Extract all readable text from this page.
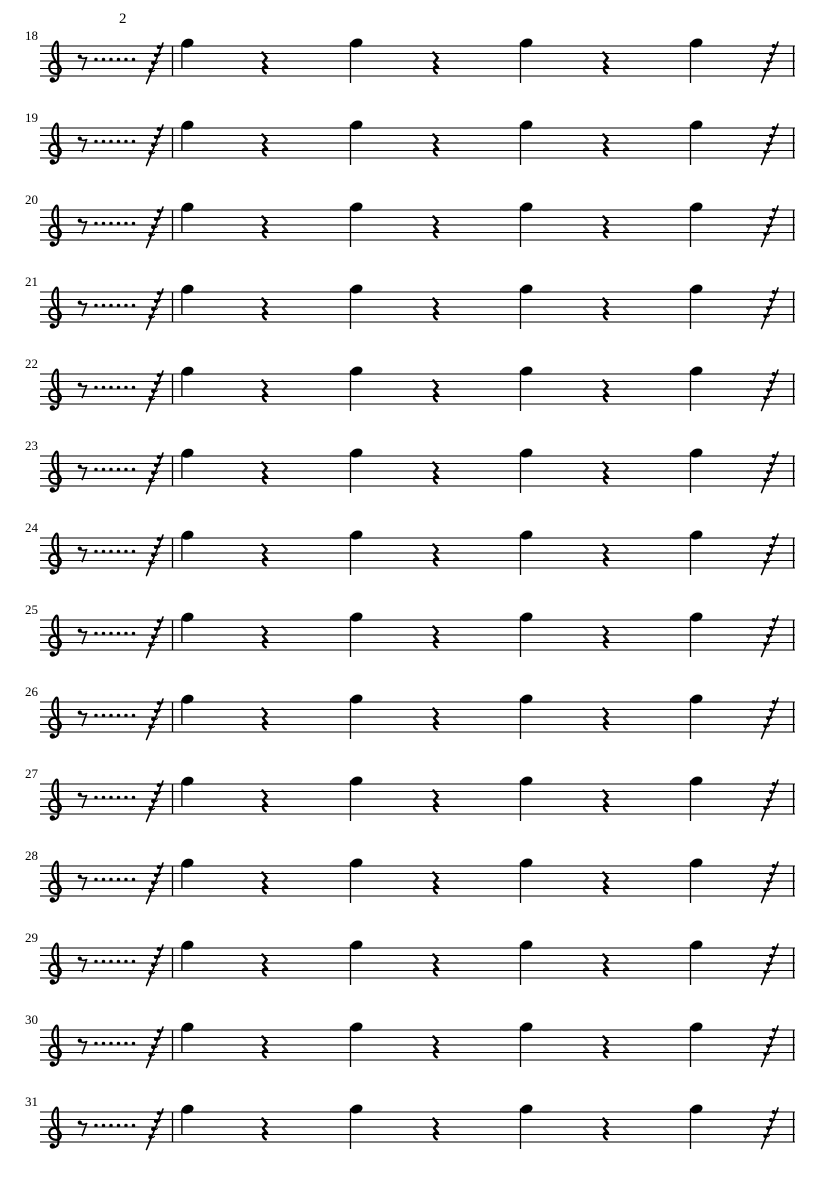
2
18
19
20
21
22
23
24
25
26
27
28
29
30
31
